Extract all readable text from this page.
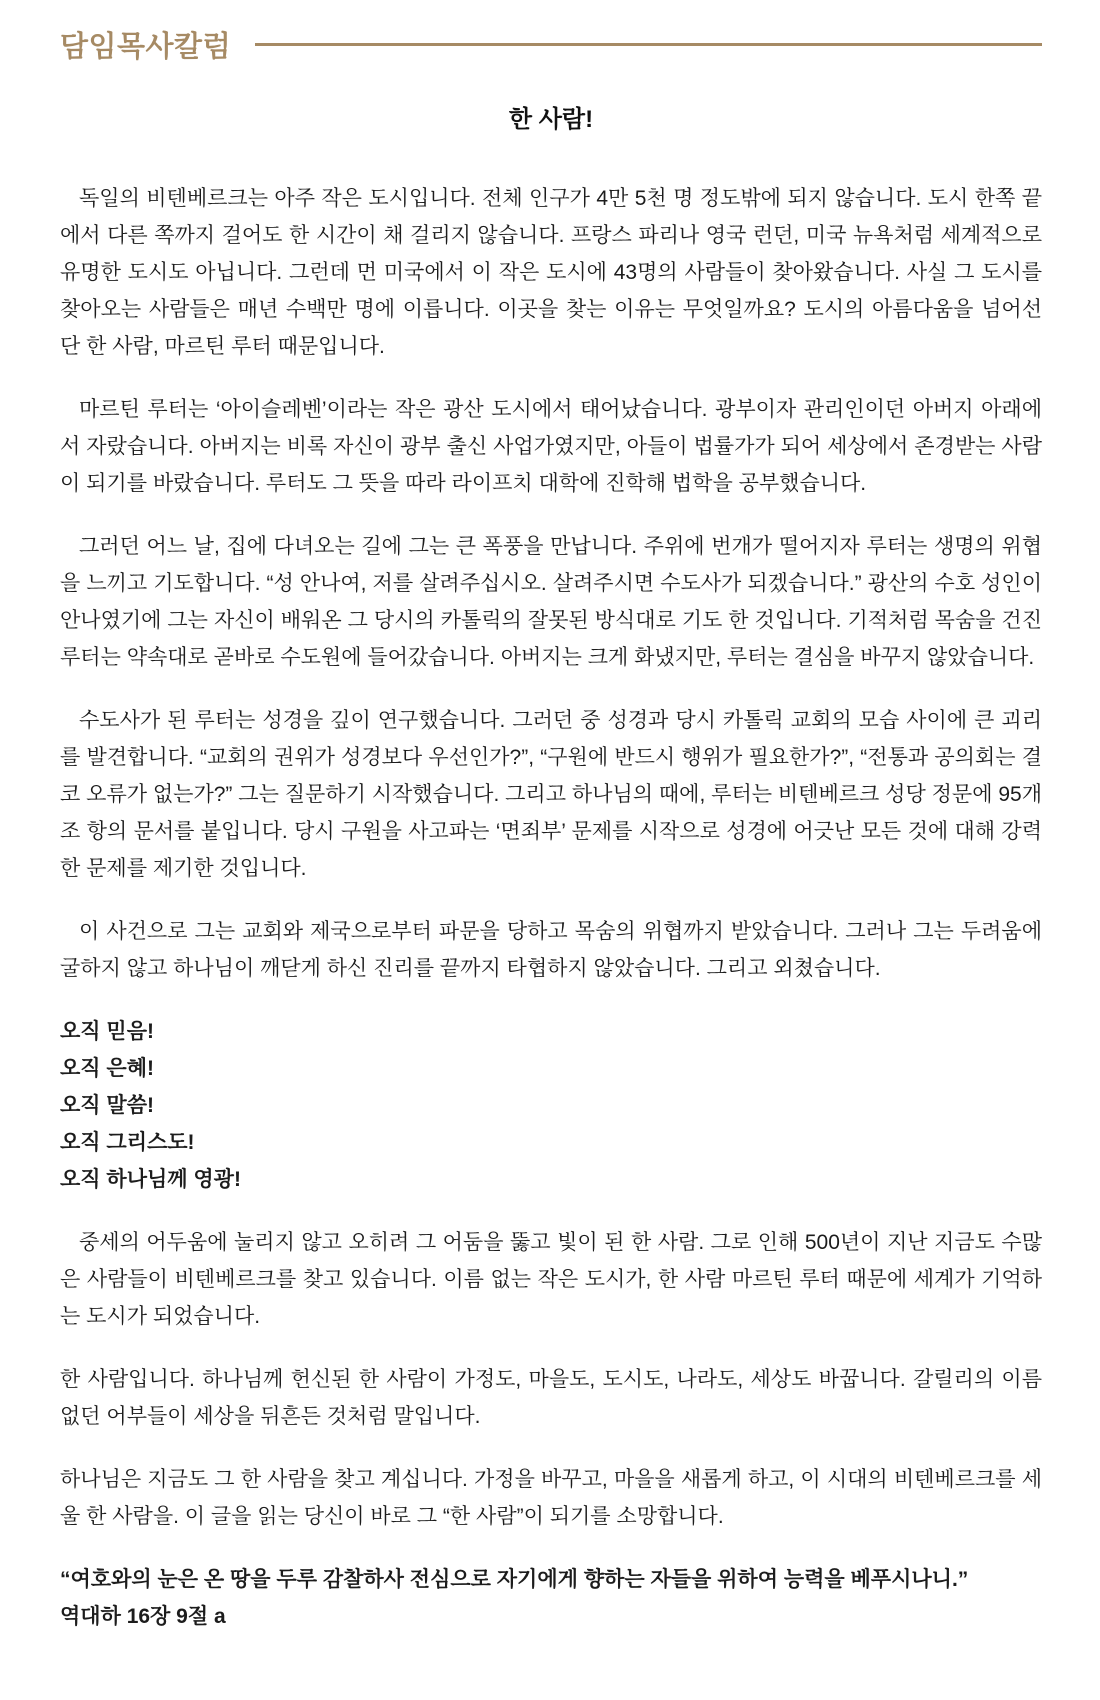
담임목사칼럼
한 사람!

독일의 비텐베르크는 아주 작은 도시입니다. 전체 인구가 4만 5천 명 정도밖에 되지 않습니다. 도시 한쪽 끝에서 다른 쪽까지 걸어도 한 시간이 채 걸리지 않습니다. 프랑스 파리나 영국 런던, 미국 뉴욕처럼 세계적으로 유명한 도시도 아닙니다. 그런데 먼 미국에서 이 작은 도시에 43명의 사람들이 찾아왔습니다. 사실 그 도시를 찾아오는 사람들은 매년 수백만 명에 이릅니다. 이곳을 찾는 이유는 무엇일까요? 도시의 아름다움을 넘어선 단 한 사람, 마르틴 루터 때문입니다.

마르틴 루터는 ‘아이슬레벤’이라는 작은 광산 도시에서 태어났습니다. 광부이자 관리인이던 아버지 아래에서 자랐습니다. 아버지는 비록 자신이 광부 출신 사업가였지만, 아들이 법률가가 되어 세상에서 존경받는 사람이 되기를 바랐습니다. 루터도 그 뜻을 따라 라이프치 대학에 진학해 법학을 공부했습니다.

그러던 어느 날, 집에 다녀오는 길에 그는 큰 폭풍을 만납니다. 주위에 번개가 떨어지자 루터는 생명의 위협을 느끼고 기도합니다. “성 안나여, 저를 살려주십시오. 살려주시면 수도사가 되겠습니다.” 광산의 수호 성인이 안나였기에 그는 자신이 배워온 그 당시의 카톨릭의 잘못된 방식대로 기도 한 것입니다. 기적처럼 목숨을 건진 루터는 약속대로 곧바로 수도원에 들어갔습니다. 아버지는 크게 화냈지만, 루터는 결심을 바꾸지 않았습니다.

수도사가 된 루터는 성경을 깊이 연구했습니다. 그러던 중 성경과 당시 카톨릭 교회의 모습 사이에 큰 괴리를 발견합니다. “교회의 권위가 성경보다 우선인가?”, “구원에 반드시 행위가 필요한가?”, “전통과 공의회는 결코 오류가 없는가?” 그는 질문하기 시작했습니다. 그리고 하나님의 때에, 루터는 비텐베르크 성당 정문에 95개 조 항의 문서를 붙입니다. 당시 구원을 사고파는 ‘면죄부’ 문제를 시작으로 성경에 어긋난 모든 것에 대해 강력한 문제를 제기한 것입니다.

이 사건으로 그는 교회와 제국으로부터 파문을 당하고 목숨의 위협까지 받았습니다. 그러나 그는 두려움에 굴하지 않고 하나님이 깨닫게 하신 진리를 끝까지 타협하지 않았습니다. 그리고 외쳤습니다.

오직 믿음!

오직 은혜!

오직 말씀!

오직 그리스도!

오직 하나님께 영광!

중세의 어두움에 눌리지 않고 오히려 그 어둠을 뚫고 빛이 된 한 사람. 그로 인해 500년이 지난 지금도 수많은 사람들이 비텐베르크를 찾고 있습니다. 이름 없는 작은 도시가, 한 사람 마르틴 루터 때문에 세계가 기억하는 도시가 되었습니다.

한 사람입니다. 하나님께 헌신된 한 사람이 가정도, 마을도, 도시도, 나라도, 세상도 바꿉니다. 갈릴리의 이름 없던 어부들이 세상을 뒤흔든 것처럼 말입니다.

하나님은 지금도 그 한 사람을 찾고 계십니다. 가정을 바꾸고, 마을을 새롭게 하고, 이 시대의 비텐베르크를 세울 한 사람을. 이 글을 읽는 당신이 바로 그 “한 사람”이 되기를 소망합니다.

“여호와의 눈은 온 땅을 두루 감찰하사 전심으로 자기에게 향하는 자들을 위하여 능력을 베푸시나니.”

역대하 16장 9절 a
